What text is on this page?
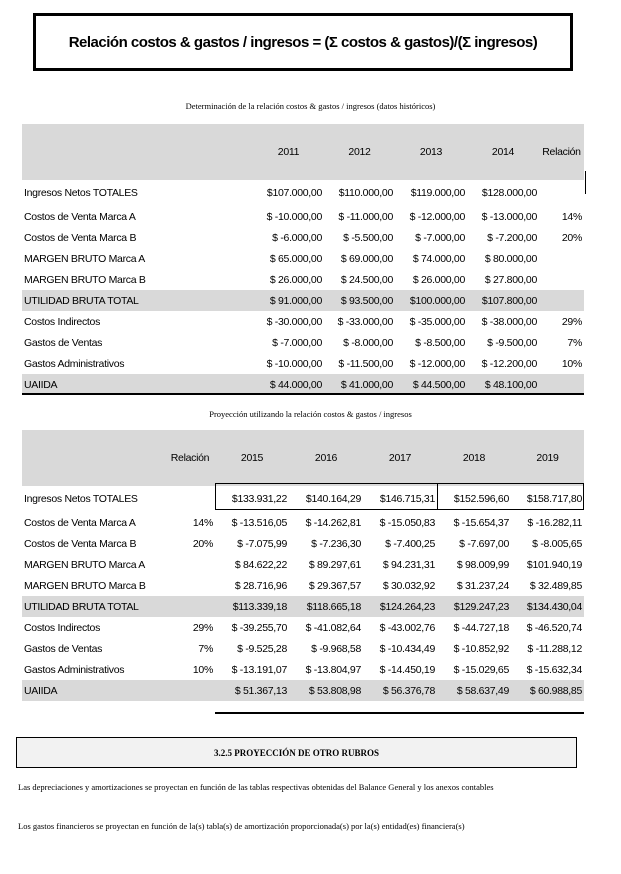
Relación costos & gastos / ingresos = (Σ costos & gastos)/(Σ ingresos)
Determinación de la relación costos & gastos / ingresos (datos históricos)
	2011	2012	2013	2014	Relación
Ingresos Netos TOTALES	$107.000,00	$110.000,00	$119.000,00	$128.000,00	
Costos de Venta Marca A	$ -10.000,00	$ -11.000,00	$ -12.000,00	$ -13.000,00	14%
Costos de Venta Marca B	$ -6.000,00	$ -5.500,00	$ -7.000,00	$ -7.200,00	20%
MARGEN BRUTO Marca A	$ 65.000,00	$ 69.000,00	$ 74.000,00	$ 80.000,00	
MARGEN BRUTO Marca B	$ 26.000,00	$ 24.500,00	$ 26.000,00	$ 27.800,00	
UTILIDAD BRUTA TOTAL	$ 91.000,00	$ 93.500,00	$100.000,00	$107.800,00	
Costos Indirectos	$ -30.000,00	$ -33.000,00	$ -35.000,00	$ -38.000,00	29%
Gastos de Ventas	$ -7.000,00	$ -8.000,00	$ -8.500,00	$ -9.500,00	7%
Gastos Administrativos	$ -10.000,00	$ -11.500,00	$ -12.000,00	$ -12.200,00	10%
UAIIDA	$ 44.000,00	$ 41.000,00	$ 44.500,00	$ 48.100,00	
Proyección utilizando la relación costos & gastos / ingresos
	Relación	2015	2016	2017	2018	2019
Ingresos Netos TOTALES		$133.931,22	$140.164,29	$146.715,31	$152.596,60	$158.717,80
Costos de Venta Marca A	14%	$ -13.516,05	$ -14.262,81	$ -15.050,83	$ -15.654,37	$ -16.282,11
Costos de Venta Marca B	20%	$ -7.075,99	$ -7.236,30	$ -7.400,25	$ -7.697,00	$ -8.005,65
MARGEN BRUTO Marca A		$ 84.622,22	$ 89.297,61	$ 94.231,31	$ 98.009,99	$101.940,19
MARGEN BRUTO Marca B		$ 28.716,96	$ 29.367,57	$ 30.032,92	$ 31.237,24	$ 32.489,85
UTILIDAD BRUTA TOTAL		$113.339,18	$118.665,18	$124.264,23	$129.247,23	$134.430,04
Costos Indirectos	29%	$ -39.255,70	$ -41.082,64	$ -43.002,76	$ -44.727,18	$ -46.520,74
Gastos de Ventas	7%	$ -9.525,28	$ -9.968,58	$ -10.434,49	$ -10.852,92	$ -11.288,12
Gastos Administrativos	10%	$ -13.191,07	$ -13.804,97	$ -14.450,19	$ -15.029,65	$ -15.632,34
UAIIDA		$ 51.367,13	$ 53.808,98	$ 56.376,78	$ 58.637,49	$ 60.988,85
3.2.5 PROYECCIÓN DE OTRO RUBROS
Las depreciaciones y amortizaciones se proyectan en función de las tablas respectivas obtenidas del Balance General y los anexos contables
Los gastos financieros se proyectan en función de la(s) tabla(s) de amortización proporcionada(s) por la(s) entidad(es) financiera(s)
